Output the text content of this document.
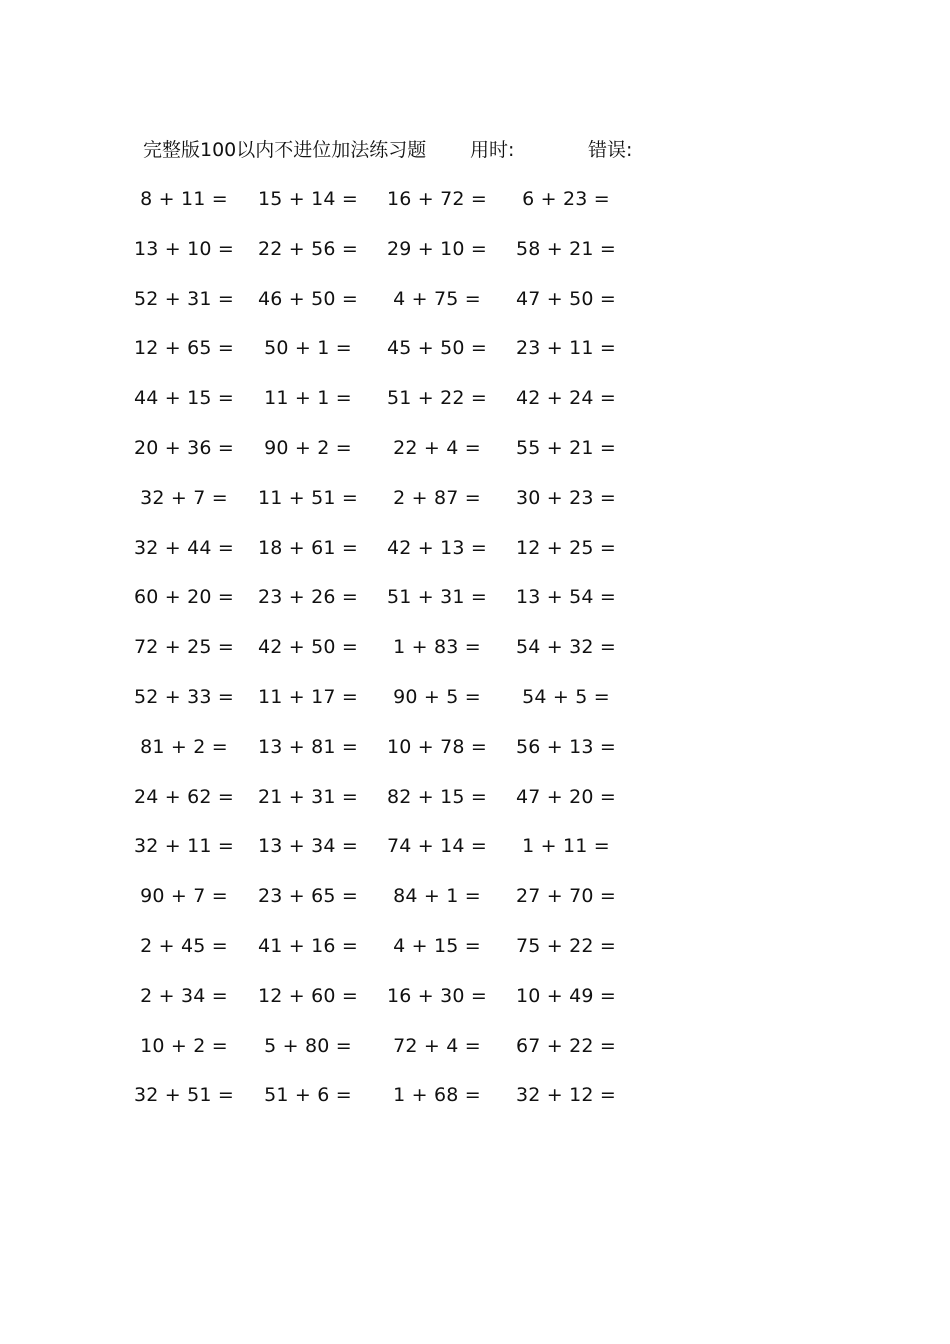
完整版100以内不进位加法练习题 用时:	错误:
8 + 11 = 15 + 14 = 16 + 72 = 6 + 23 =
13 + 10 = 22 + 56 = 29 + 10 = 58 + 21 =
52 + 31 = 46 + 50 = 4 + 75 = 47 + 50 =
12 + 65 = 50 + 1 = 45 + 50 = 23 + 11 =
44 + 15 = 11 + 1 = 51 + 22 = 42 + 24 =
20 + 36 = 90 + 2 = 22 + 4 = 55 + 21 =
32 + 7 = 11 + 51 = 2 + 87 = 30 + 23 =
32 + 44 = 18 + 61 = 42 + 13 = 12 + 25 =
60 + 20 = 23 + 26 = 51 + 31 = 13 + 54 =
72 + 25 = 42 + 50 = 1 + 83 = 54 + 32 =
52 + 33 = 11 + 17 = 90 + 5 = 54 + 5 =
81 + 2 = 13 + 81 = 10 + 78 = 56 + 13 =
24 + 62 = 21 + 31 = 82 + 15 = 47 + 20 =
32 + 11 = 13 + 34 = 74 + 14 = 1 + 11 =
90 + 7 = 23 + 65 = 84 + 1 = 27 + 70 =
2 + 45 = 41 + 16 = 4 + 15 = 75 + 22 =
2 + 34 = 12 + 60 = 16 + 30 = 10 + 49 =
10 + 2 = 5 + 80 = 72 + 4 = 67 + 22 =
32 + 51 = 51 + 6 = 1 + 68 = 32 + 12 =
